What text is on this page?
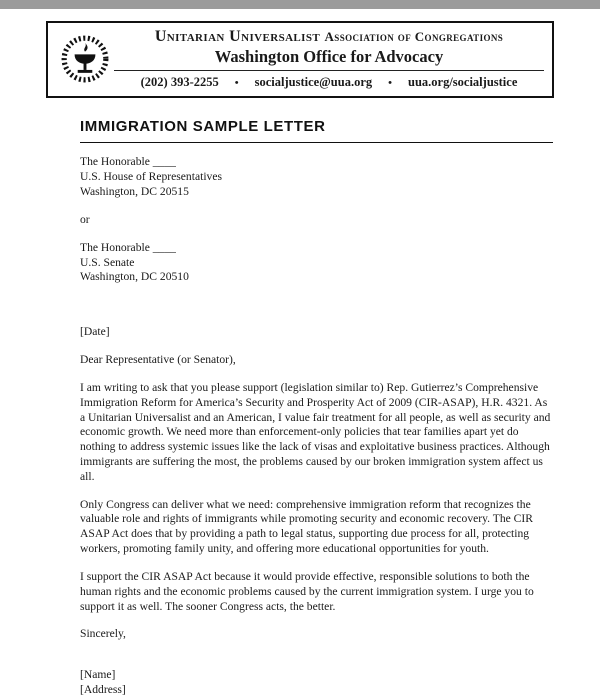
Unitarian Universalist Association of Congregations
Washington Office for Advocacy
(202) 393-2255 • socialjustice@uua.org • uua.org/socialjustice
IMMIGRATION SAMPLE LETTER
The Honorable ____
U.S. House of Representatives
Washington, DC 20515
or
The Honorable ____
U.S. Senate
Washington, DC 20510
[Date]
Dear Representative (or Senator),

I am writing to ask that you please support (legislation similar to) Rep. Gutierrez’s Comprehensive Immigration Reform for America’s Security and Prosperity Act of 2009 (CIR-ASAP), H.R. 4321. As a Unitarian Universalist and an American, I value fair treatment for all people, as well as security and economic growth. We need more than enforcement-only policies that tear families apart yet do nothing to address systemic issues like the lack of visas and exploitative business practices. Although immigrants are suffering the most, the problems caused by our broken immigration system affect us all.

Only Congress can deliver what we need: comprehensive immigration reform that recognizes the valuable role and rights of immigrants while promoting security and economic recovery. The CIR ASAP Act does that by providing a path to legal status, supporting due process for all, protecting workers, promoting family unity, and offering more educational opportunities for youth.

I support the CIR ASAP Act because it would provide effective, responsible solutions to both the human rights and the economic problems caused by the current immigration system. I urge you to support it as well. The sooner Congress acts, the better.

Sincerely,
[Name]
[Address]
